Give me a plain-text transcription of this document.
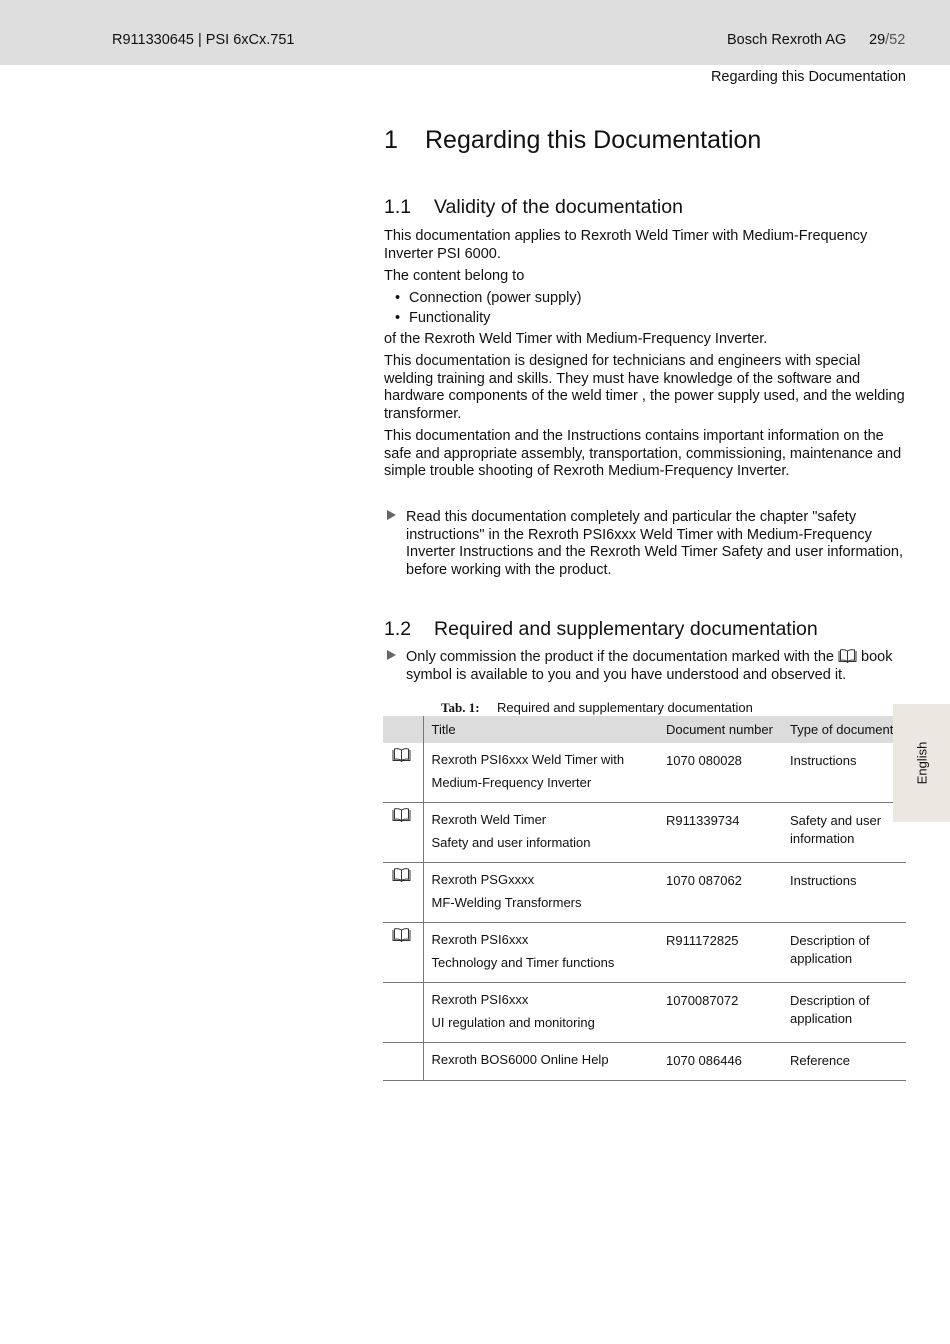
R911330645 | PSI 6xCx.751	Bosch Rexroth AG 29/52
Regarding this Documentation
1 Regarding this Documentation
1.1 Validity of the documentation

This documentation applies to Rexroth Weld Timer with Medium-Frequency Inverter PSI 6000.

The content belong to

• Connection (power supply)
• Functionality

of the Rexroth Weld Timer with Medium-Frequency Inverter.

This documentation is designed for technicians and engineers with special welding training and skills. They must have knowledge of the software and hardware components of the weld timer , the power supply used, and the welding transformer.

This documentation and the Instructions contains important information on the safe and appropriate assembly, transportation, commissioning, maintenance and simple trouble shooting of Rexroth Medium-Frequency Inverter.

Read this documentation completely and particular the chapter "safety instructions" in the Rexroth PSI6xxx Weld Timer with Medium-Frequency Inverter Instructions and the Rexroth Weld Timer Safety and user information, before working with the product.
1.2 Required and supplementary documentation
Only commission the product if the documentation marked with the book symbol is available to you and you have understood and observed it.
Tab. 1: Required and supplementary documentation
	Title	Document number	Type of document

Rexroth PSI6xxx Weld Timer with
Medium-Frequency Inverter	1070 080028	Instructions

Rexroth Weld Timer
Safety and user information	R911339734	Safety and user information

Rexroth PSGxxxx
MF-Welding Transformers	1070 087062	Instructions

Rexroth PSI6xxx
Technology and Timer functions	R911172825	Description of application

	Rexroth PSI6xxx
UI regulation and monitoring	1070087072	Description of application

	Rexroth BOS6000 Online Help	1070 086446	Reference
English
